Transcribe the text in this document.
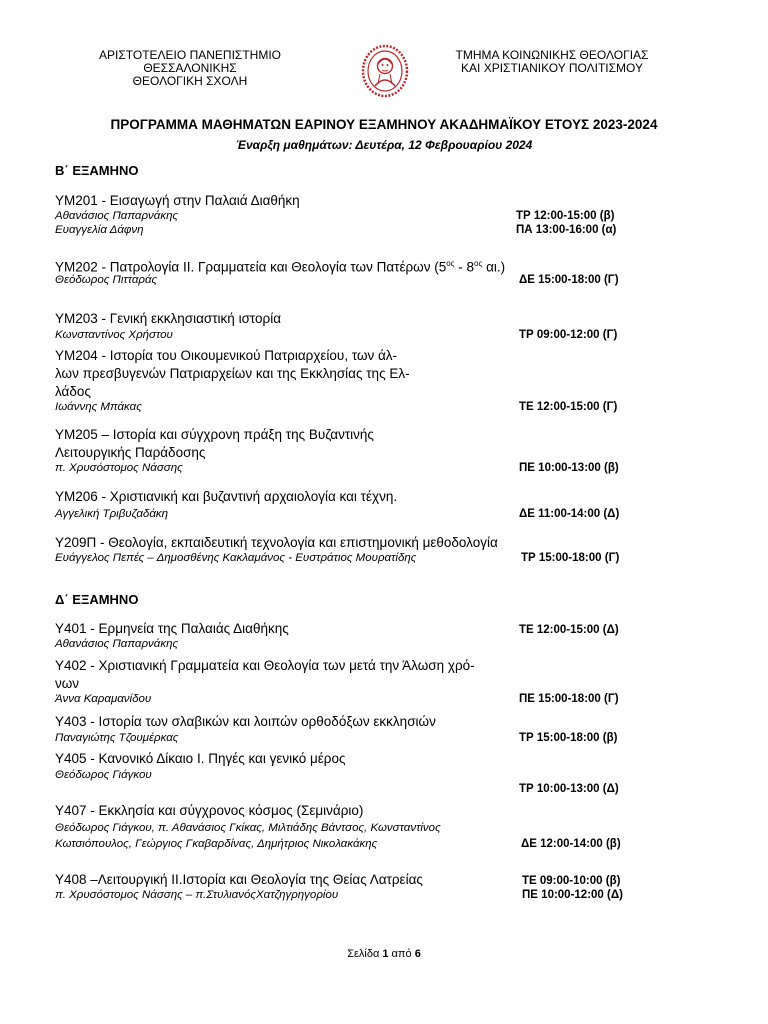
ΑΡΙΣΤΟΤΕΛΕΙΟ ΠΑΝΕΠΙΣΤΗΜΙΟ
ΘΕΣΣΑΛΟΝΙΚΗΣ
ΘΕΟΛΟΓΙΚΗ ΣΧΟΛΗ
ΤΜΗΜΑ ΚΟΙΝΩΝΙΚΗΣ ΘΕΟΛΟΓΙΑΣ
ΚΑΙ ΧΡΙΣΤΙΑΝΙΚΟΥ ΠΟΛΙΤΙΣΜΟΥ
ΠΡΟΓΡΑΜΜΑ ΜΑΘΗΜΑΤΩΝ ΕΑΡΙΝΟΥ ΕΞΑΜΗΝΟΥ ΑΚΑΔΗΜΑΪΚΟΥ ΕΤΟΥΣ 2023-2024
Έναρξη μαθημάτων: Δευτέρα, 12 Φεβρουαρίου 2024
Β΄ ΕΞΑΜΗΝΟ
ΥΜ201 - Εισαγωγή στην Παλαιά Διαθήκη
Αθανάσιος Παπαρνάκης
Ευαγγελία Δάφνη
ΤΡ 12:00-15:00 (β)
ΠΑ 13:00-16:00 (α)
ΥΜ202 - Πατρολογία ΙΙ. Γραμματεία και Θεολογία των Πατέρων ($5^{o\varsigma} - 8^{o\varsigma}$ αι.)
Θεόδωρος Πιτταράς	ΔΕ 15:00-18:00 (Γ)
ΥΜ203 - Γενική εκκλησιαστική ιστορία
Κωνσταντίνος Χρήστου	ΤΡ 09:00-12:00 (Γ)
ΥΜ204 - Ιστορία του Οικουμενικού Πατριαρχείου, των άλ-
λων πρεσβυγενών Πατριαρχείων και της Εκκλησίας της Ελ-
λάδος
Ιωάννης Μπάκας	ΤΕ 12:00-15:00 (Γ)
ΥΜ205 – Ιστορία και σύγχρονη πράξη της Βυζαντινής
Λειτουργικής Παράδοσης
π. Χρυσόστομος Νάσσης	ΠΕ 10:00-13:00 (β)
ΥΜ206 - Χριστιανική και βυζαντινή αρχαιολογία και τέχνη.
Αγγελική Τριβυζαδάκη	ΔΕ 11:00-14:00 (Δ)
Υ209Π - Θεολογία, εκπαιδευτική τεχνολογία και επιστημονική μεθοδολογία
Ευάγγελος Πεπές – Δημοσθένης Κακλαμάνος - Ευστράτιος Μουρατίδης	ΤΡ 15:00-18:00 (Γ)
Δ΄ ΕΞΑΜΗΝΟ
Υ401 - Ερμηνεία της Παλαιάς Διαθήκης
Αθανάσιος Παπαρνάκης
ΤΕ 12:00-15:00 (Δ)
Υ402 - Χριστιανική Γραμματεία και Θεολογία των μετά την Άλωση χρό-
νων
Άννα Καραμανίδου	ΠΕ 15:00-18:00 (Γ)
Υ403 - Ιστορία των σλαβικών και λοιπών ορθοδόξων εκκλησιών
Παναγιώτης Τζουμέρκας	ΤΡ 15:00-18:00 (β)
Υ405 - Κανονικό Δίκαιο Ι. Πηγές και γενικό μέρος
Θεόδωρος Γιάγκου
ΤΡ 10:00-13:00 (Δ)
Υ407 - Εκκλησία και σύγχρονος κόσμος (Σεμινάριο)
Θεόδωρος Γιάγκου, π. Αθανάσιος Γκίκας, Μιλτιάδης Βάντσος, Κωνσταντίνος
Κωτσιόπουλος, Γεώργιος Γκαβαρδίνας, Δημήτριος Νικολακάκης	ΔΕ 12:00-14:00 (β)
Υ408 –Λειτουργική ΙΙ.Ιστορία και Θεολογία της Θείας Λατρείας
π. Χρυσόστομος Νάσσης – π.ΣτυλιανόςΧατζηγρηγορίου
ΤΕ 09:00-10:00 (β)
ΠΕ 10:00-12:00 (Δ)
Σελίδα 1 από 6
